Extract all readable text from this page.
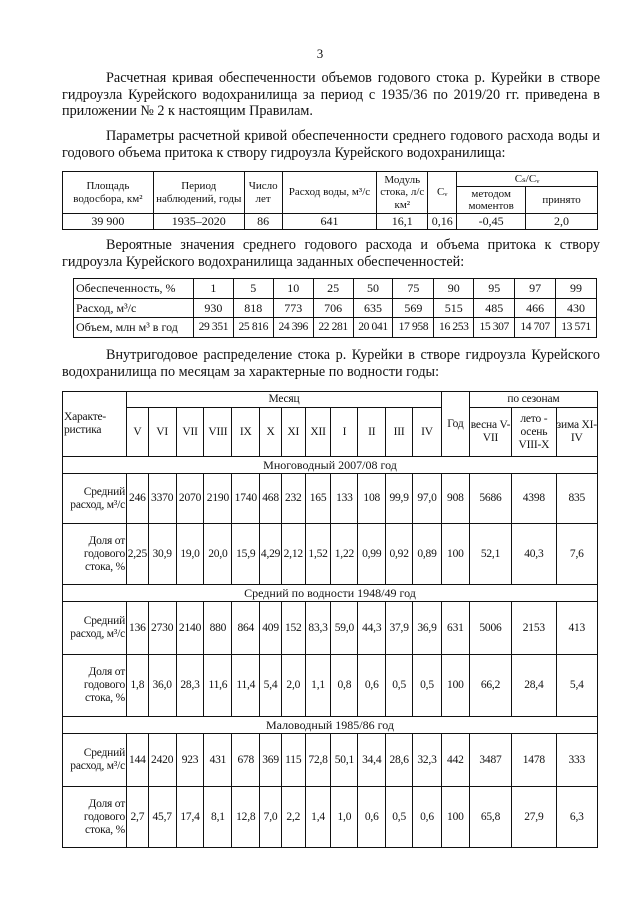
3
Расчетная кривая обеспеченности объемов годового стока р. Курейки в створе гидроузла Курейского водохранилища за период с 1935/36 по 2019/20 гг. приведена в приложении № 2 к настоящим Правилам.
Параметры расчетной кривой обеспеченности среднего годового расхода воды и годового объема притока к створу гидроузла Курейского водохранилища:
Площадь водосбора, км²	Период наблюдений, годы	Число лет	Расход воды, м³/с	Модуль стока, л/с км²	Cᵥ	Cₛ/Cᵥ	
						методом моментов	принято
39 900	1935–2020	86	641	16,1	0,16	-0,45	2,0
Вероятные значения среднего годового расхода и объема притока к створу гидроузла Курейского водохранилища заданных обеспеченностей:
Обеспеченность, %	1	5	10	25	50	75	90	95	97	99
Расход, м³/с	930	818	773	706	635	569	515	485	466	430
Объем, млн м³ в год	29 351	25 816	24 396	22 281	20 041	17 958	16 253	15 307	14 707	13 571
Внутригодовое распределение стока р. Курейки в створе гидроузла Курейского водохранилища по месяцам за характерные по водности годы:
Характе-ристика	Месяц												Год	по сезонам		
	V	VI	VII	VIII	IX	X	XI	XII	I	II	III	IV		весна V-VII	лето - осень VIII-X	зима XI-IV

Многоводный 2007/08 год																
Средний расход, м³/с	246	3370	2070	2190	1740	468	232	165	133	108	99,9	97,0	908	5686	4398	835
Доля от годового стока, %	2,25	30,9	19,0	20,0	15,9	4,29	2,12	1,52	1,22	0,99	0,92	0,89	100	52,1	40,3	7,6
Средний по водности 1948/49 год																
Средний расход, м³/с	136	2730	2140	880	864	409	152	83,3	59,0	44,3	37,9	36,9	631	5006	2153	413
Доля от годового стока, %	1,8	36,0	28,3	11,6	11,4	5,4	2,0	1,1	0,8	0,6	0,5	0,5	100	66,2	28,4	5,4
Маловодный 1985/86 год																
Средний расход, м³/с	144	2420	923	431	678	369	115	72,8	50,1	34,4	28,6	32,3	442	3487	1478	333
Доля от годового стока, %	2,7	45,7	17,4	8,1	12,8	7,0	2,2	1,4	1,0	0,6	0,5	0,6	100	65,8	27,9	6,3
